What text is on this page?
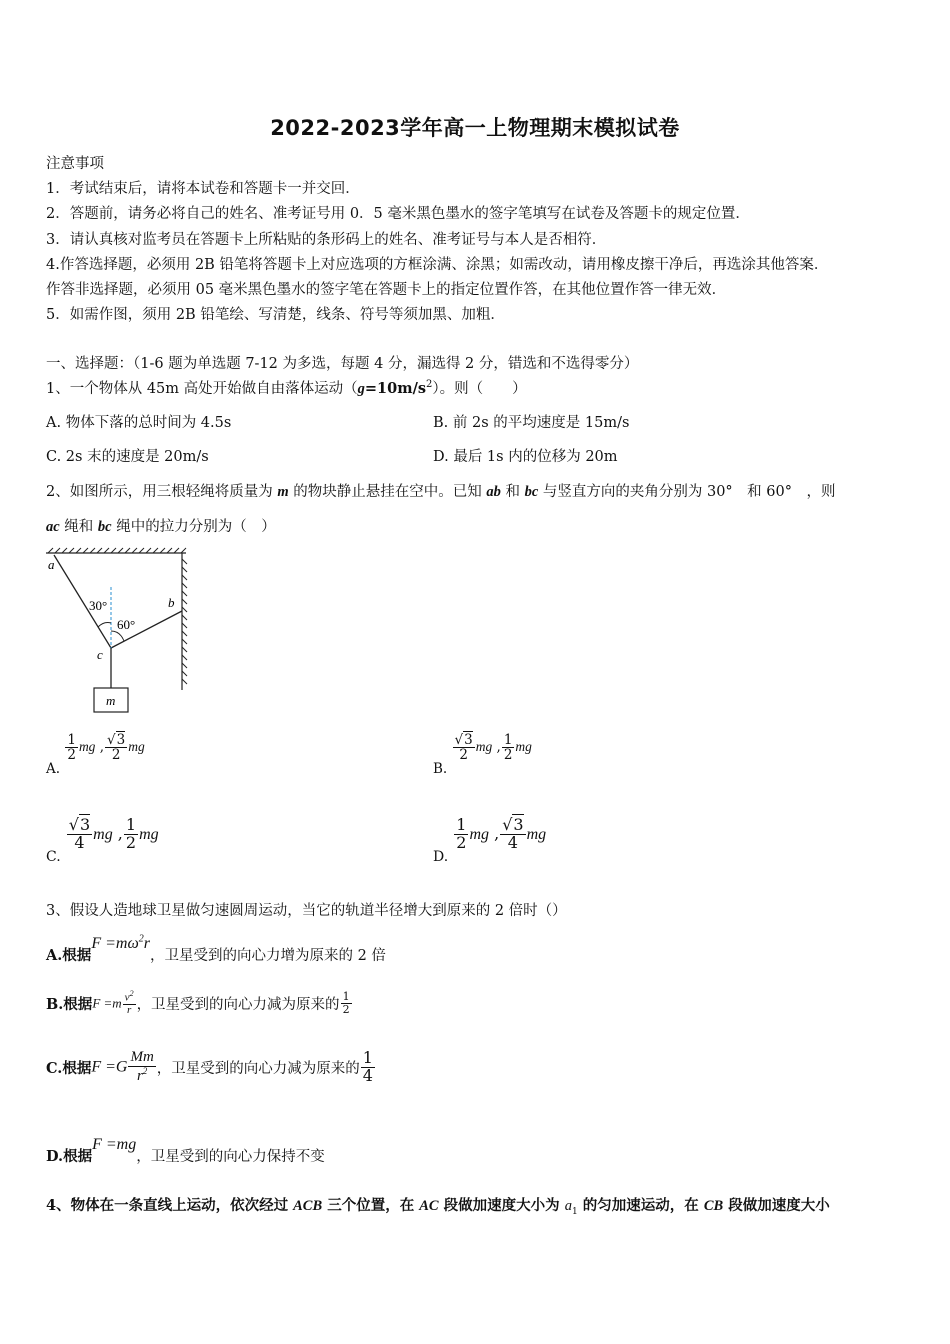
2022-2023学年高一上物理期末模拟试卷
注意事项
1．考试结束后，请将本试卷和答题卡一并交回．
2．答题前，请务必将自己的姓名、准考证号用 0．5 毫米黑色墨水的签字笔填写在试卷及答题卡的规定位置．
3．请认真核对监考员在答题卡上所粘贴的条形码上的姓名、准考证号与本人是否相符．
4.作答选择题，必须用 2B 铅笔将答题卡上对应选项的方框涂满、涂黑；如需改动，请用橡皮擦干净后，再选涂其他答案．
作答非选择题，必须用 05 毫米黑色墨水的签字笔在答题卡上的指定位置作答，在其他位置作答一律无效．
5．如需作图，须用 2B 铅笔绘、写清楚，线条、符号等须加黑、加粗．
一、选择题：（1-6 题为单选题 7-12 为多选，每题 4 分，漏选得 2 分，错选和不选得零分）
1、一个物体从 45m 高处开始做自由落体运动$(g=10m/s^2)$。则（　　）
A. 物体下落的总时间为 4.5s	B. 前 2s 的平均速度是 15m/s
C. 2s 末的速度是 20m/s	D. 最后 1s 内的位移为 20m
2、如图所示，用三根轻绳将质量为 m 的物块静止悬挂在空中。已知 ab 和 bc 与竖直方向的夹角分别为 30°　和 60°　，则
ac 绳和 bc 绳中的拉力分别为（　）
a
b
c
m
30°
60°
A.
$\frac{1}{2}$ mg , $\frac{√3}{2}$ mg
B.
$\frac{√3}{2}$ mg , $\frac{1}{2}$ mg
C.
$\frac{√3}{4}$ mg , $\frac{1}{2}$ mg
D.
$\frac{1}{2}$ mg , $\frac{√3}{4}$ mg
3、假设人造地球卫星做匀速圆周运动，当它的轨道半径增大到原来的 2 倍时（）
A.根据$F =m\omega^2r$，卫星受到的向心力增为原来的 2 倍
B.根据$F =m \frac{v^2}{r}$ ，卫星受到的向心力减为原来的 $\frac{1}{2}$
C.根据$F =G \frac{Mm}{r^2}$ ，卫星受到的向心力减为原来的 $\frac{1}{4}$
D.根据F =mg，卫星受到的向心力保持不变
4、物体在一条直线上运动，依次经过 ACB 三个位置，在 AC 段做加速度大小为 $a_1$ 的匀加速运动，在 CB 段做加速度大小
